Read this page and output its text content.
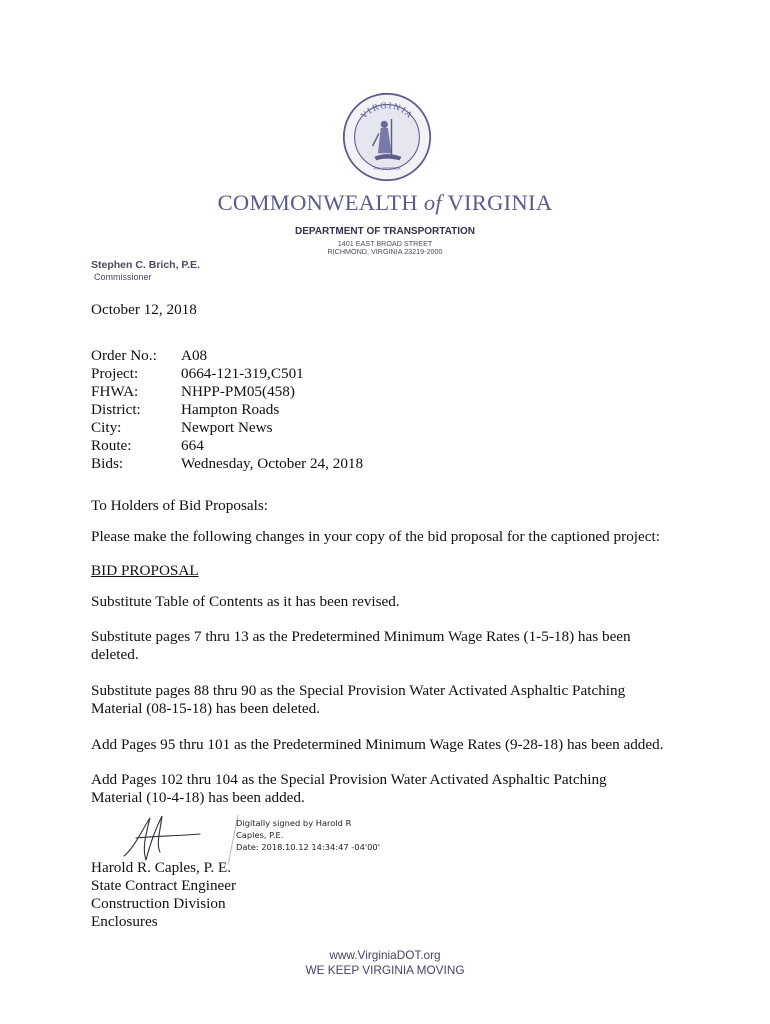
VIRGINIA
SIC SEMPER
COMMONWEALTH of VIRGINIA
DEPARTMENT OF TRANSPORTATION
1401 EAST BROAD STREET
RICHMOND, VIRGINIA 23219-2000
Stephen C. Brich, P.E.
Commissioner
October 12, 2018
Order No.: A08
Project:	0664-121-319,C501
FHWA:	NHPP-PM05(458)
District:	Hampton Roads
City:	Newport News
Route:	664
Bids:	Wednesday, October 24, 2018
To Holders of Bid Proposals:
Please make the following changes in your copy of the bid proposal for the captioned project:
BID PROPOSAL
Substitute Table of Contents as it has been revised.
Substitute pages 7 thru 13 as the Predetermined Minimum Wage Rates (1-5-18) has been deleted.
Substitute pages 88 thru 90 as the Special Provision Water Activated Asphaltic Patching Material (08-15-18) has been deleted.
Add Pages 95 thru 101 as the Predetermined Minimum Wage Rates (9-28-18) has been added.
Add Pages 102 thru 104 as the Special Provision Water Activated Asphaltic Patching Material (10-4-18) has been added.
Digitally signed by Harold R
Caples, P.E.
Date: 2018.10.12 14:34:47 -04'00'
Harold R. Caples, P. E.
State Contract Engineer
Construction Division
Enclosures
www.VirginiaDOT.org
WE KEEP VIRGINIA MOVING
